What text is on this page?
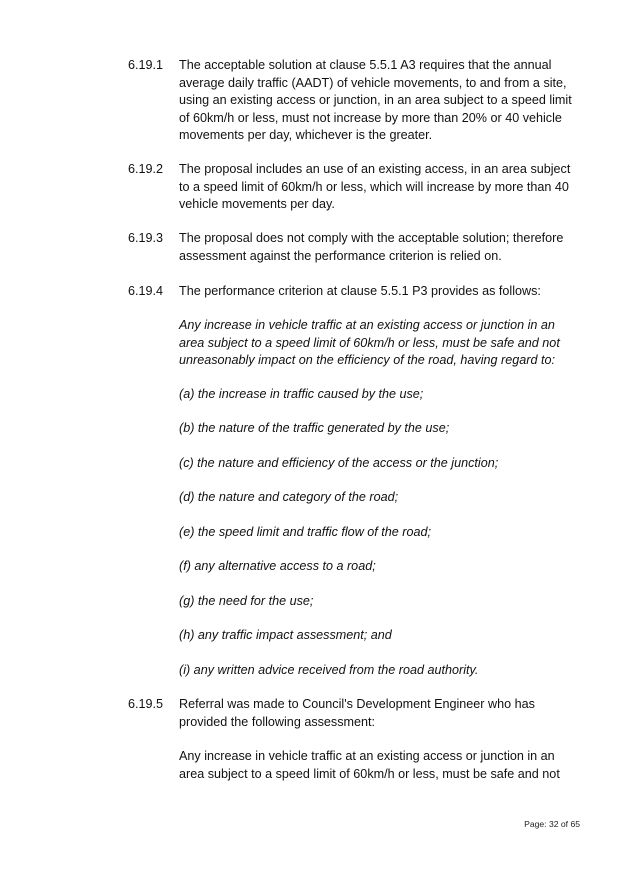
6.19.1 The acceptable solution at clause 5.5.1 A3 requires that the annual average daily traffic (AADT) of vehicle movements, to and from a site, using an existing access or junction, in an area subject to a speed limit of 60km/h or less, must not increase by more than 20% or 40 vehicle movements per day, whichever is the greater.
6.19.2 The proposal includes an use of an existing access, in an area subject to a speed limit of 60km/h or less, which will increase by more than 40 vehicle movements per day.
6.19.3 The proposal does not comply with the acceptable solution; therefore assessment against the performance criterion is relied on.
6.19.4 The performance criterion at clause 5.5.1 P3 provides as follows:
Any increase in vehicle traffic at an existing access or junction in an area subject to a speed limit of 60km/h or less, must be safe and not unreasonably impact on the efficiency of the road, having regard to:
(a) the increase in traffic caused by the use;
(b) the nature of the traffic generated by the use;
(c) the nature and efficiency of the access or the junction;
(d) the nature and category of the road;
(e) the speed limit and traffic flow of the road;
(f) any alternative access to a road;
(g) the need for the use;
(h) any traffic impact assessment; and
(i) any written advice received from the road authority.
6.19.5 Referral was made to Council's Development Engineer who has provided the following assessment:
Any increase in vehicle traffic at an existing access or junction in an area subject to a speed limit of 60km/h or less, must be safe and not
Page: 32 of 65
